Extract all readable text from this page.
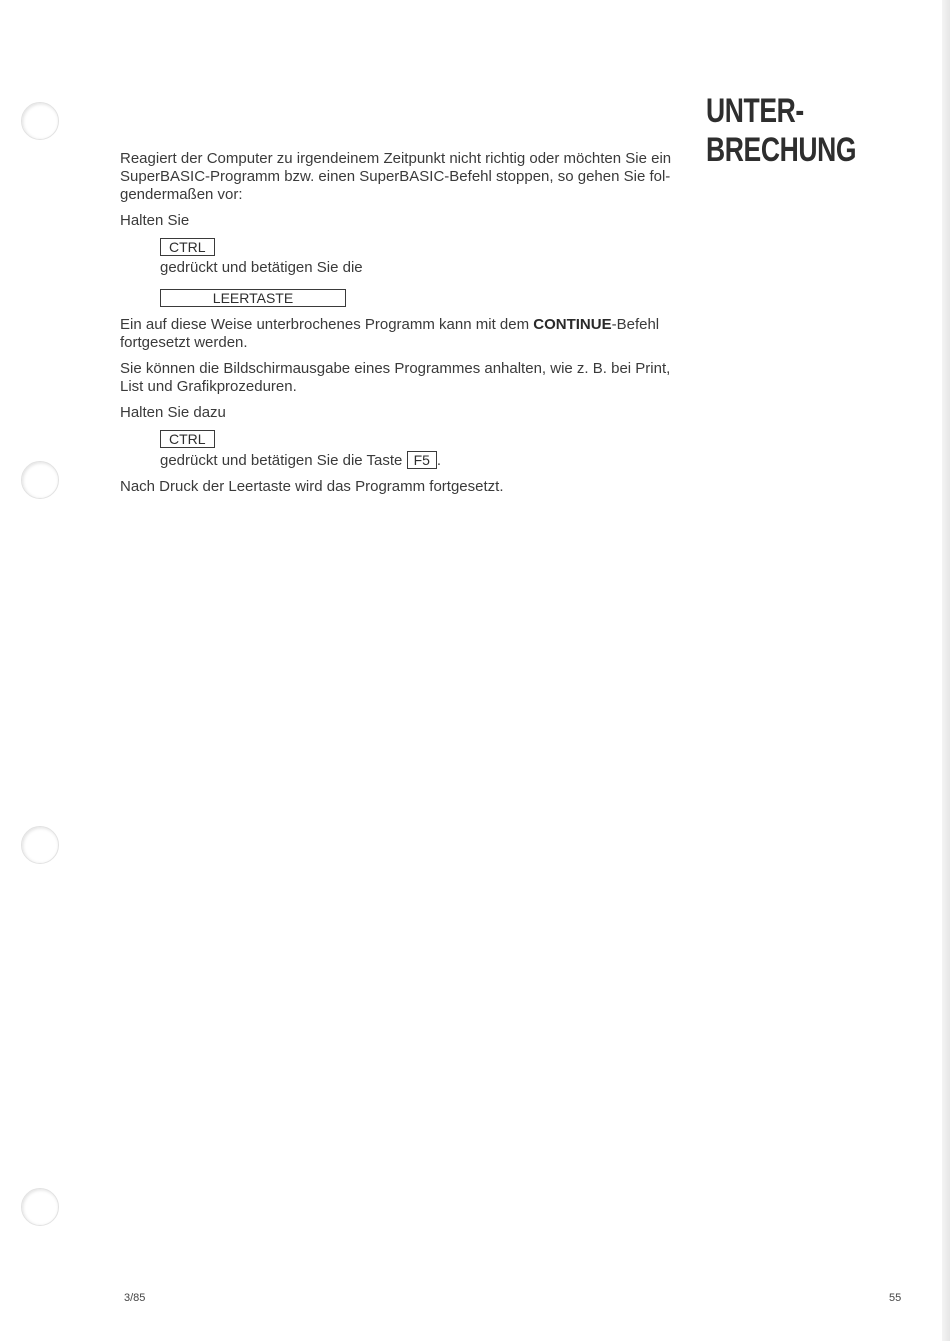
UNTER-
BRECHUNG

Reagiert der Computer zu irgendeinem Zeitpunkt nicht richtig oder möchten Sie ein SuperBASIC-Programm bzw. einen SuperBASIC-Befehl stoppen, so gehen Sie folgendermaßen vor:

Halten Sie

CTRL
gedrückt und betätigen Sie die
LEERTASTE

Ein auf diese Weise unterbrochenes Programm kann mit dem CONTINUE-Befehl fortgesetzt werden.

Sie können die Bildschirmausgabe eines Programmes anhalten, wie z. B. bei Print, List und Grafikprozeduren.

Halten Sie dazu

CTRL
gedrückt und betätigen Sie die Taste F5 .

Nach Druck der Leertaste wird das Programm fortgesetzt.

3/85	55
